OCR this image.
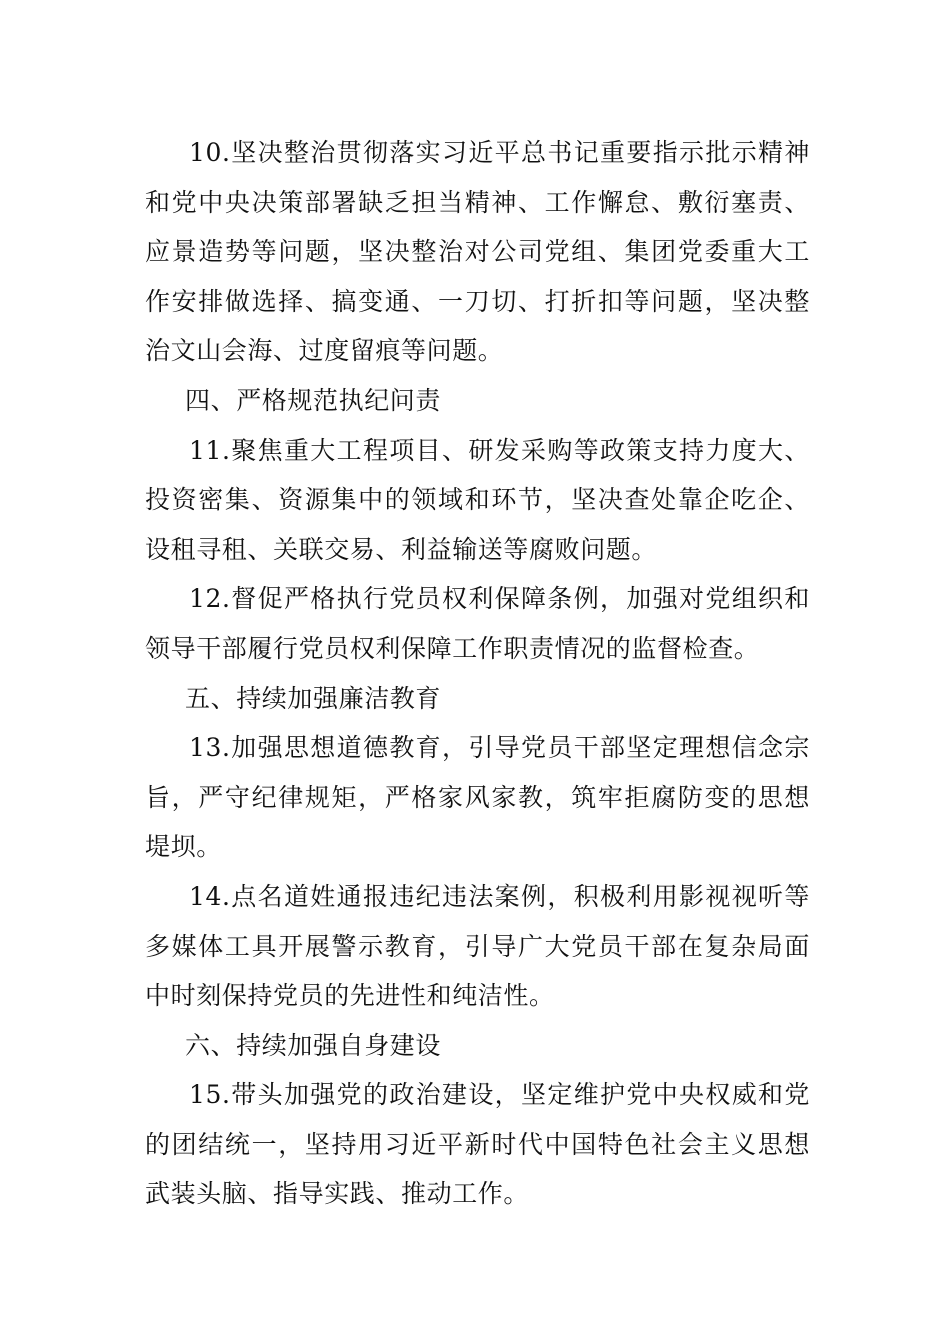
10.坚决整治贯彻落实习近平总书记重要指示批示精神和党中央决策部署缺乏担当精神、工作懈怠、敷衍塞责、应景造势等问题，坚决整治对公司党组、集团党委重大工作安排做选择、搞变通、一刀切、打折扣等问题，坚决整治文山会海、过度留痕等问题。

四、严格规范执纪问责

11.聚焦重大工程项目、研发采购等政策支持力度大、投资密集、资源集中的领域和环节，坚决查处靠企吃企、设租寻租、关联交易、利益输送等腐败问题。

12.督促严格执行党员权利保障条例，加强对党组织和领导干部履行党员权利保障工作职责情况的监督检查。

五、持续加强廉洁教育

13.加强思想道德教育，引导党员干部坚定理想信念宗旨，严守纪律规矩，严格家风家教，筑牢拒腐防变的思想堤坝。

14.点名道姓通报违纪违法案例，积极利用影视视听等多媒体工具开展警示教育，引导广大党员干部在复杂局面中时刻保持党员的先进性和纯洁性。

六、持续加强自身建设

15.带头加强党的政治建设，坚定维护党中央权威和党的团结统一，坚持用习近平新时代中国特色社会主义思想武装头脑、指导实践、推动工作。
